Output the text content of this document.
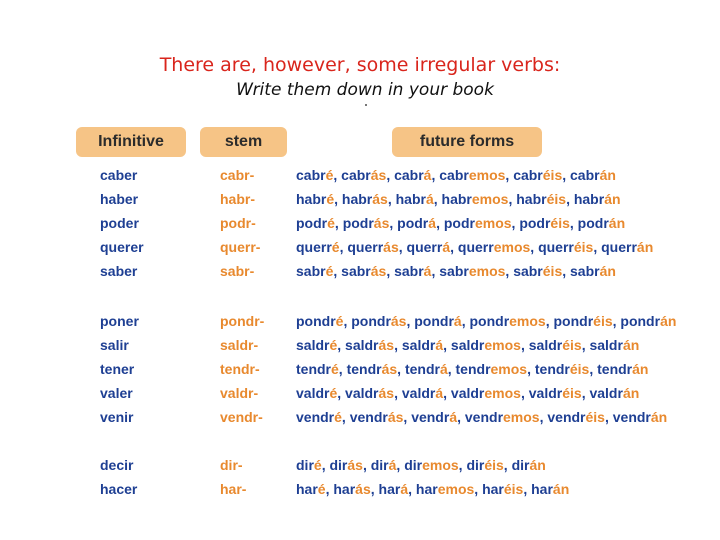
There are, however, some irregular verbs:
Write them down in your book
Infinitive	stem	future forms
caber	cabr-	cabré, cabrás, cabrá, cabremos, cabréis, cabrán
haber	habr-	habré, habrás, habrá, habremos, habréis, habrán
poder	podr-	podré, podrás, podrá, podremos, podréis, podrán
querer	querr-	querré, querrás, querrá, querremos, querréis, querrán
saber	sabr-	sabré, sabrás, sabrá, sabremos, sabréis, sabrán
poner	pondr- pondré, pondrás, pondrá, pondremos, pondréis, pondrán
salir	saldr-	saldré, saldrás, saldrá, saldremos, saldréis, saldrán
tener	tendr-	tendré, tendrás, tendrá, tendremos, tendréis, tendrán
valer	valdr-	valdré, valdrás, valdrá, valdremos, valdréis, valdrán
venir	vendr- vendré, vendrás, vendrá, vendremos, vendréis, vendrán
decir	dir-	diré, dirás, dirá, diremos, diréis, dirán
hacer	har-	haré, harás, hará, haremos, haréis, harán
